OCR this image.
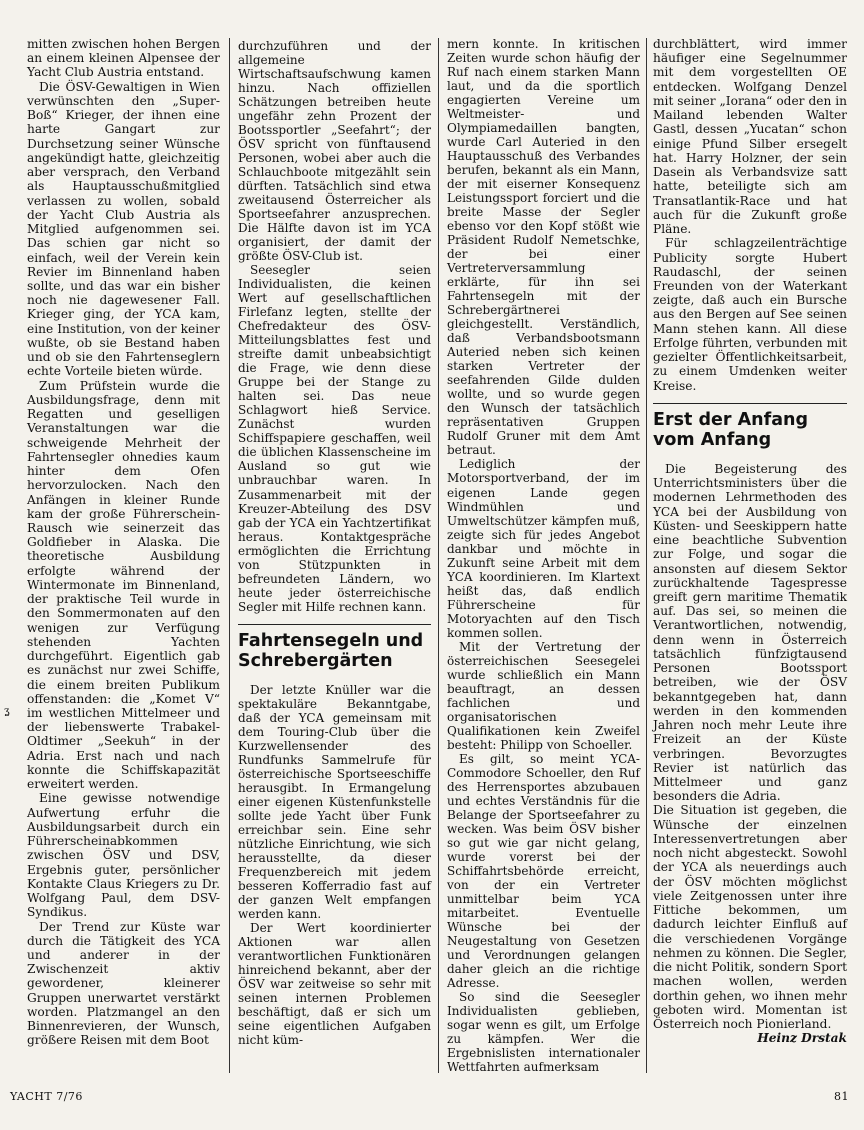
mitten zwischen hohen Bergen an einem kleinen Alpensee der Yacht Club Austria entstand.

Die ÖSV-Gewaltigen in Wien verwünschten den „Super-Boß“ Krieger, der ihnen eine harte Gangart zur Durchsetzung seiner Wünsche angekündigt hatte, gleichzeitig aber versprach, den Verband als Hauptausschußmitglied verlassen zu wollen, sobald der Yacht Club Austria als Mitglied aufgenommen sei. Das schien gar nicht so einfach, weil der Verein kein Revier im Binnenland haben sollte, und das war ein bisher noch nie dagewesener Fall. Krieger ging, der YCA kam, eine Institution, von der keiner wußte, ob sie Bestand haben und ob sie den Fahrtenseglern echte Vorteile bieten würde.

Zum Prüfstein wurde die Ausbildungsfrage, denn mit Regatten und geselligen Veranstaltungen war die schweigende Mehrheit der Fahrtensegler ohnedies kaum hinter dem Ofen hervorzulocken. Nach den Anfängen in kleiner Runde kam der große Führerschein-Rausch wie seinerzeit das Goldfieber in Alaska. Die theoretische Ausbildung erfolgte während der Wintermonate im Binnenland, der praktische Teil wurde in den Sommermonaten auf den wenigen zur Verfügung stehenden Yachten durchgeführt. Eigentlich gab es zunächst nur zwei Schiffe, die einem breiten Publikum offenstanden: die „Komet V“ im westlichen Mittelmeer und der liebenswerte Trabakel-Oldtimer „Seekuh“ in der Adria. Erst nach und nach konnte die Schiffskapazität erweitert werden.

Eine gewisse notwendige Aufwertung erfuhr die Ausbildungsarbeit durch ein Führerscheinabkommen zwischen ÖSV und DSV, Ergebnis guter, persönlicher Kontakte Claus Kriegers zu Dr. Wolfgang Paul, dem DSV-Syndikus.

Der Trend zur Küste war durch die Tätigkeit des YCA und anderer in der Zwischenzeit aktiv gewordener, kleinerer Gruppen unerwartet verstärkt worden. Platzmangel an den Binnenrevieren, der Wunsch, größere Reisen mit dem Boot

durchzuführen und der allgemeine Wirtschaftsaufschwung kamen hinzu. Nach offiziellen Schätzungen betreiben heute ungefähr zehn Prozent der Bootssportler „Seefahrt“; der ÖSV spricht von fünftausend Personen, wobei aber auch die Schlauchboote mitgezählt sein dürften. Tatsächlich sind etwa zweitausend Österreicher als Sportseefahrer anzusprechen. Die Hälfte davon ist im YCA organisiert, der damit der größte ÖSV-Club ist.

Seesegler seien Individualisten, die keinen Wert auf gesellschaftlichen Firlefanz legten, stellte der Chefredakteur des ÖSV-Mitteilungsblattes fest und streifte damit unbeabsichtigt die Frage, wie denn diese Gruppe bei der Stange zu halten sei. Das neue Schlagwort hieß Service. Zunächst wurden Schiffspapiere geschaffen, weil die üblichen Klassenscheine im Ausland so gut wie unbrauchbar waren. In Zusammenarbeit mit der Kreuzer-Abteilung des DSV gab der YCA ein Yachtzertifikat heraus. Kontaktgespräche ermöglichten die Errichtung von Stützpunkten in befreundeten Ländern, wo heute jeder österreichische Segler mit Hilfe rechnen kann.

Fahrtensegeln und Schrebergärten

Der letzte Knüller war die spektakuläre Bekanntgabe, daß der YCA gemeinsam mit dem Touring-Club über die Kurzwellensender des Rundfunks Sammelrufe für österreichische Sportseeschiffe herausgibt. In Ermangelung einer eigenen Küstenfunkstelle sollte jede Yacht über Funk erreichbar sein. Eine sehr nützliche Einrichtung, wie sich herausstellte, da dieser Frequenzbereich mit jedem besseren Kofferradio fast auf der ganzen Welt empfangen werden kann.

Der Wert koordinierter Aktionen war allen verantwortlichen Funktionären hinreichend bekannt, aber der ÖSV war zeitweise so sehr mit seinen internen Problemen beschäftigt, daß er sich um seine eigentlichen Aufgaben nicht küm-

mern konnte. In kritischen Zeiten wurde schon häufig der Ruf nach einem starken Mann laut, und da die sportlich engagierten Vereine um Weltmeister- und Olympiamedaillen bangten, wurde Carl Auteried in den Hauptausschuß des Verbandes berufen, bekannt als ein Mann, der mit eiserner Konsequenz Leistungssport forciert und die breite Masse der Segler ebenso vor den Kopf stößt wie Präsident Rudolf Nemetschke, der bei einer Vertreterversammlung erklärte, für ihn sei Fahrtensegeln mit der Schrebergärtnerei gleichgestellt. Verständlich, daß Verbandsbootsmann Auteried neben sich keinen starken Vertreter der seefahrenden Gilde dulden wollte, und so wurde gegen den Wunsch der tatsächlich repräsentativen Gruppen Rudolf Gruner mit dem Amt betraut.

Lediglich der Motorsportverband, der im eigenen Lande gegen Windmühlen und Umweltschützer kämpfen muß, zeigte sich für jedes Angebot dankbar und möchte in Zukunft seine Arbeit mit dem YCA koordinieren. Im Klartext heißt das, daß endlich Führerscheine für Motoryachten auf den Tisch kommen sollen.

Mit der Vertretung der österreichischen Seesegelei wurde schließlich ein Mann beauftragt, an dessen fachlichen und organisatorischen Qualifikationen kein Zweifel besteht: Philipp von Schoeller.

Es gilt, so meint YCA-Commodore Schoeller, den Ruf des Herrensportes abzubauen und echtes Verständnis für die Belange der Sportseefahrer zu wecken. Was beim ÖSV bisher so gut wie gar nicht gelang, wurde vorerst bei der Schiffahrtsbehörde erreicht, von der ein Vertreter unmittelbar beim YCA mitarbeitet. Eventuelle Wünsche bei der Neugestaltung von Gesetzen und Verordnungen gelangen daher gleich an die richtige Adresse.

So sind die Seesegler Individualisten geblieben, sogar wenn es gilt, um Erfolge zu kämpfen. Wer die Ergebnislisten internationaler Wettfahrten aufmerksam

durchblättert, wird immer häufiger eine Segelnummer mit dem vorgestellten OE entdecken. Wolfgang Denzel mit seiner „Iorana“ oder den in Mailand lebenden Walter Gastl, dessen „Yucatan“ schon einige Pfund Silber ersegelt hat. Harry Holzner, der sein Dasein als Verbandsvize satt hatte, beteiligte sich am Transatlantik-Race und hat auch für die Zukunft große Pläne.

Für schlagzeilenträchtige Publicity sorgte Hubert Raudaschl, der seinen Freunden von der Waterkant zeigte, daß auch ein Bursche aus den Bergen auf See seinen Mann stehen kann. All diese Erfolge führten, verbunden mit gezielter Öffentlichkeitsarbeit, zu einem Umdenken weiter Kreise.

Erst der Anfang vom Anfang

Die Begeisterung des Unterrichtsministers über die modernen Lehrmethoden des YCA bei der Ausbildung von Küsten- und Seeskippern hatte eine beachtliche Subvention zur Folge, und sogar die ansonsten auf diesem Sektor zurückhaltende Tagespresse greift gern maritime Thematik auf. Das sei, so meinen die Verantwortlichen, notwendig, denn wenn in Österreich tatsächlich fünfzigtausend Personen Bootssport betreiben, wie der ÖSV bekanntgegeben hat, dann werden in den kommenden Jahren noch mehr Leute ihre Freizeit an der Küste verbringen. Bevorzugtes Revier ist natürlich das Mittelmeer und ganz besonders die Adria.

Die Situation ist gegeben, die Wünsche der einzelnen Interessenvertretungen aber noch nicht abgesteckt. Sowohl der YCA als neuerdings auch der ÖSV möchten möglichst viele Zeitgenossen unter ihre Fittiche bekommen, um dadurch leichter Einfluß auf die verschiedenen Vorgänge nehmen zu können. Die Segler, die nicht Politik, sondern Sport machen wollen, werden dorthin gehen, wo ihnen mehr geboten wird. Momentan ist Österreich noch Pionierland.
Heinz Drstak

YACHT 7/76	81
ʓ
